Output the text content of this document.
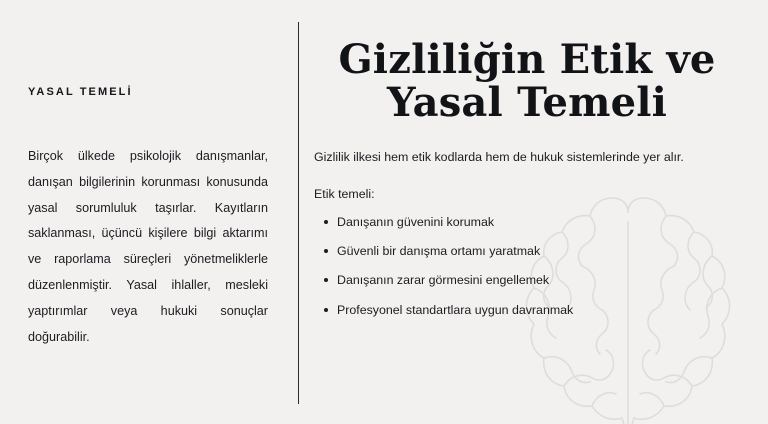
YASAL TEMELİ

Birçok ülkede psikolojik danışmanlar, danışan bilgilerinin korunması konusunda yasal sorumluluk taşırlar. Kayıtların saklanması, üçüncü kişilere bilgi aktarımı ve raporlama süreçleri yönetmeliklerle düzenlenmiştir. Yasal ihlaller, mesleki yaptırımlar veya hukuki sonuçlar doğurabilir.

Gizliliğin Etik ve Yasal Temeli

Gizlilik ilkesi hem etik kodlarda hem de hukuk sistemlerinde yer alır.

Etik temeli:

Danışanın güvenini korumak
Güvenli bir danışma ortamı yaratmak
Danışanın zarar görmesini engellemek
Profesyonel standartlara uygun davranmak
